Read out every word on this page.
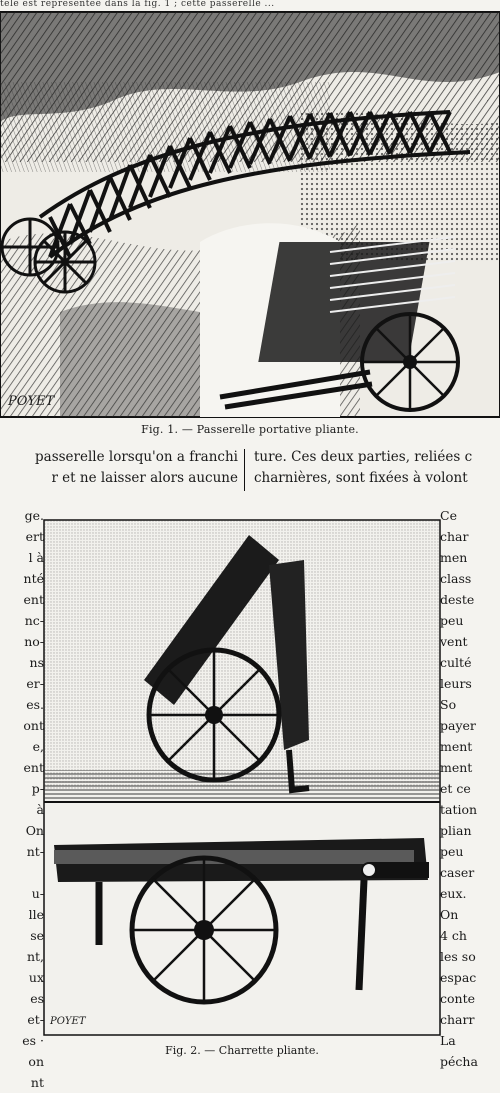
tele est représentée dans la fig. 1 ; cette passerelle ...
POYET
Fig. 1. — Passerelle portative pliante.
passerelle lorsqu'on a franchi
r et ne laisser alors aucune
ture. Ces deux parties, reliées c
charnières, sont fixées à volont
ge.
ert
l à
nté
ent
nc-
no-
ns
er-
es.
ont
e,
ent
p-
à
On
nt-
u-
lle
se
nt,
ux
es
et-
es ·
on
nt
POYET
Fig. 2. — Charrette pliante.
Ce
char
men
class
deste
peu
vent
culté
leurs
So
payer
ment
ment
et ce
tation
plian
peu
caser
eux.
On
4 ch
les so
espac
conte
charr
La
pécha
